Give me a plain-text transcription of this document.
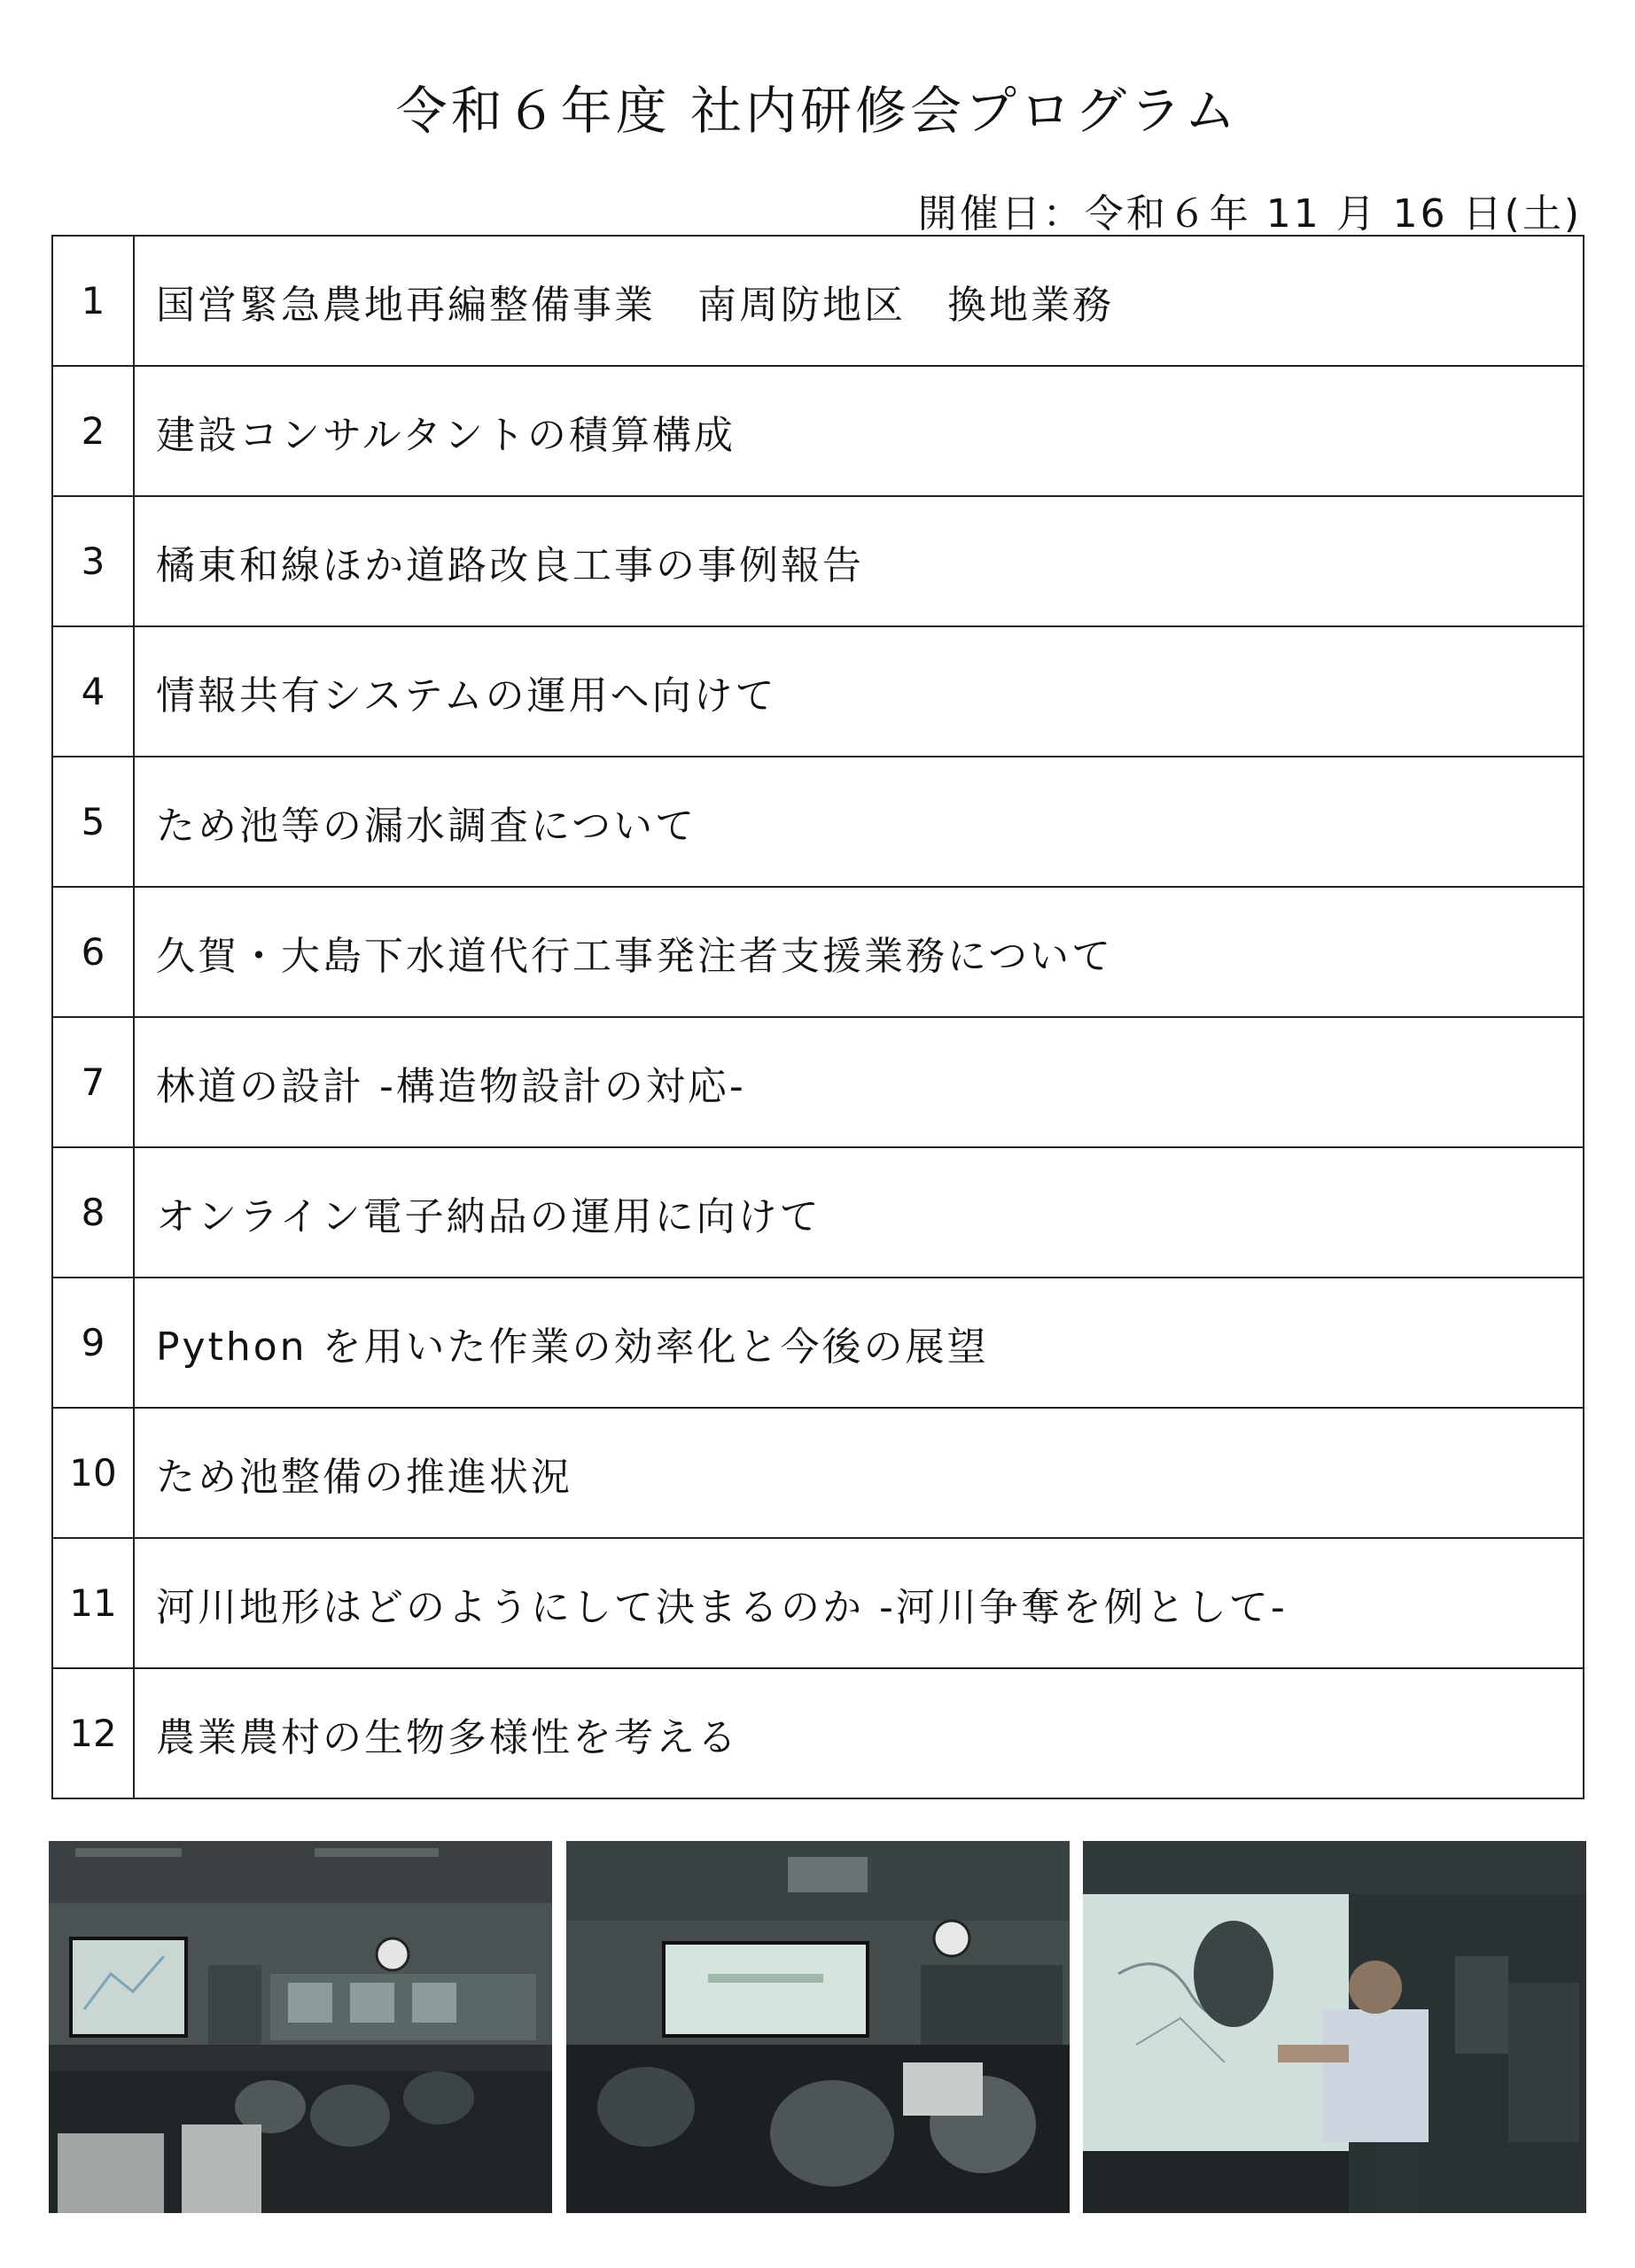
令和６年度 社内研修会プログラム
開催日：令和６年 11 月 16 日(土)
1	国営緊急農地再編整備事業　南周防地区　換地業務
2	建設コンサルタントの積算構成
3	橘東和線ほか道路改良工事の事例報告
4	情報共有システムの運用へ向けて
5	ため池等の漏水調査について
6	久賀・大島下水道代行工事発注者支援業務について
7	林道の設計 -構造物設計の対応-
8	オンライン電子納品の運用に向けて
9	Python を用いた作業の効率化と今後の展望
10	ため池整備の推進状況
11	河川地形はどのようにして決まるのか -河川争奪を例として-
12	農業農村の生物多様性を考える
